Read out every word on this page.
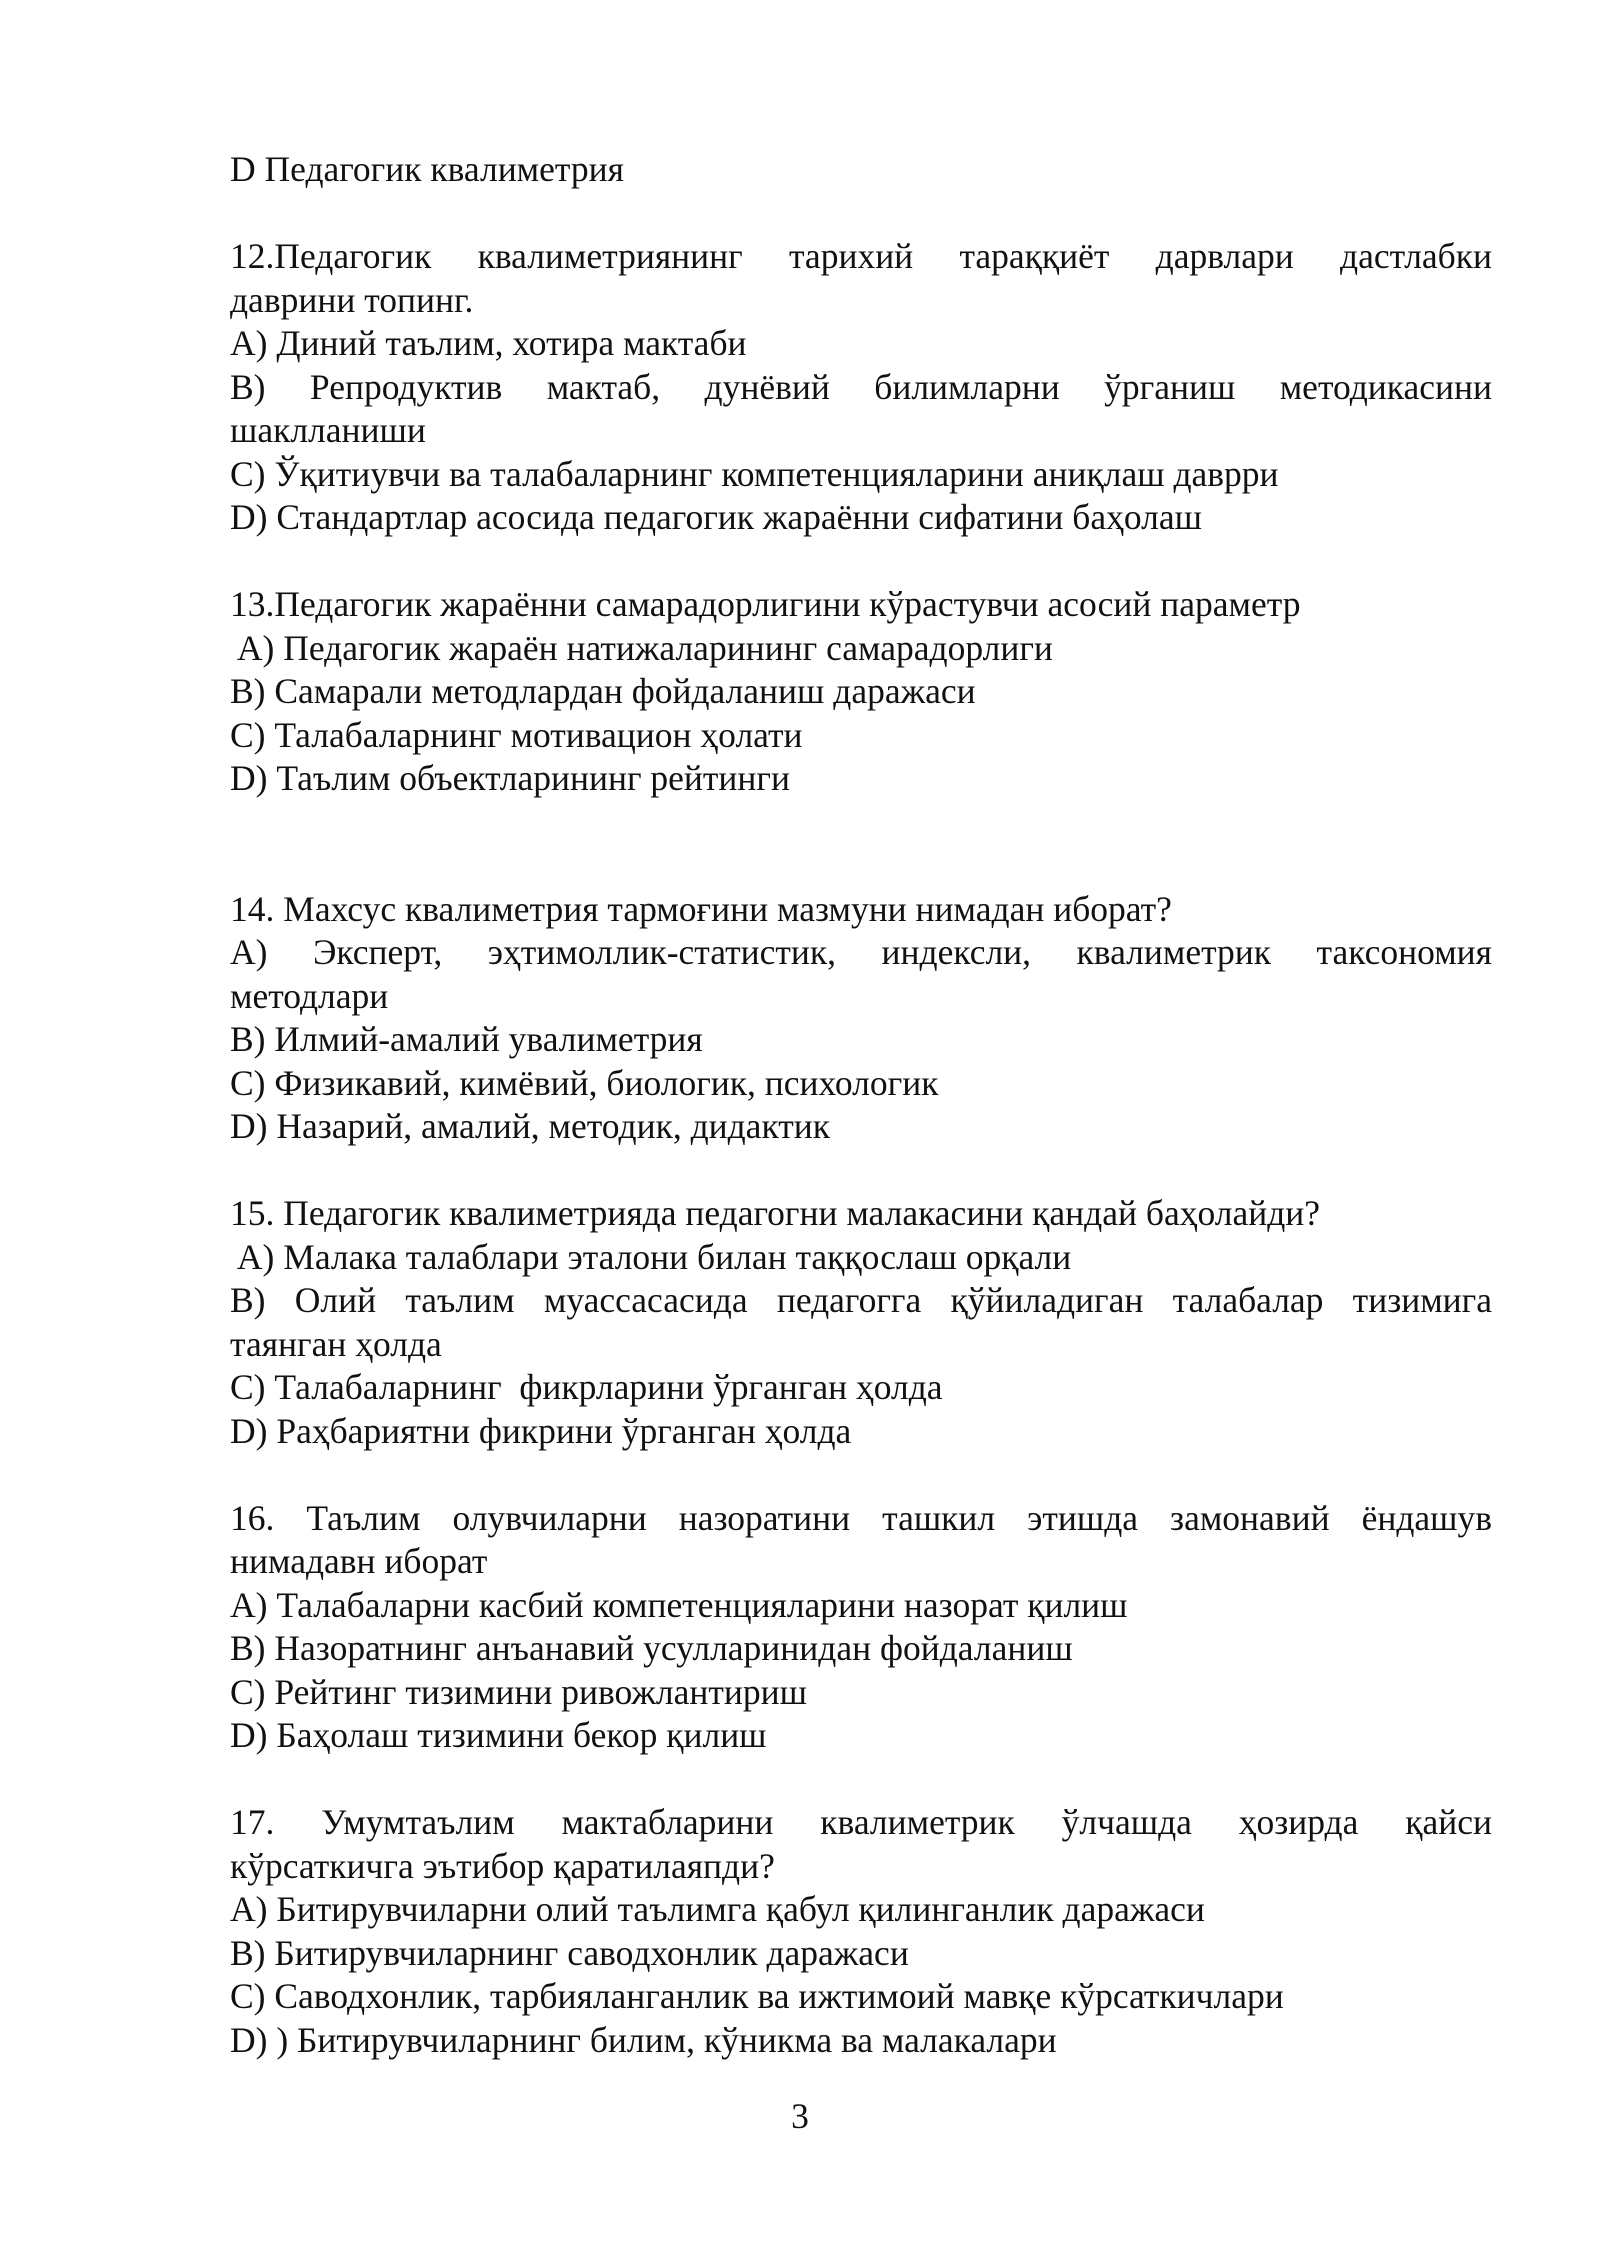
D Педагогик квалиметрия
12.Педагогик квалиметриянинг тарихий тараққиёт дарвлари дастлабки
даврини топинг.
A) Диний таълим, хотира мактаби
B) Репродуктив мактаб, дунёвий билимларни ўрганиш методикасини
шаклланиши
C) Ўқитиувчи ва талабаларнинг компетенцияларини аниқлаш даврри
D) Стандартлар асосида педагогик жараённи сифатини баҳолаш
13.Педагогик жараённи самарадорлигини кўрастувчи асосий параметр
A) Педагогик жараён натижаларининг самарадорлиги
B) Самарали методлардан фойдаланиш даражаси
C) Талабаларнинг мотивацион ҳолати
D) Таълим объектларининг рейтинги
14. Махсус квалиметрия тармоғини мазмуни нимадан иборат?
A) Эксперт, эҳтимоллик-статистик, индексли, квалиметрик таксономия
методлари
B) Илмий-амалий увалиметрия
C) Физикавий, кимёвий, биологик, психологик
D) Назарий, амалий, методик, дидактик
15. Педагогик квалиметрияда педагогни малакасини қандай баҳолайди?
A) Малака талаблари эталони билан таққослаш орқали
B) Олий таълим муассасасида педагогга қўйиладиган талабалар тизимига
таянган ҳолда
C) Талабаларнинг  фикрларини ўрганган ҳолда
D) Раҳбариятни фикрини ўрганган ҳолда
16. Таълим олувчиларни назоратини ташкил этишда замонавий ёндашув
нимадавн иборат
A) Талабаларни касбий компетенцияларини назорат қилиш
B) Назоратнинг анъанавий усулларинидан фойдаланиш
C) Рейтинг тизимини ривожлантириш
D) Баҳолаш тизимини бекор қилиш
17. Умумтаълим мактабларини квалиметрик ўлчашда ҳозирда қайси
кўрсаткичга эътибор қаратилаяпди?
A) Битирувчиларни олий таълимга қабул қилинганлик даражаси
B) Битирувчиларнинг саводхонлик даражаси
C) Саводхонлик, тарбияланганлик ва ижтимоий мавқе кўрсаткичлари
D) ) Битирувчиларнинг билим, кўникма ва малакалари
3
